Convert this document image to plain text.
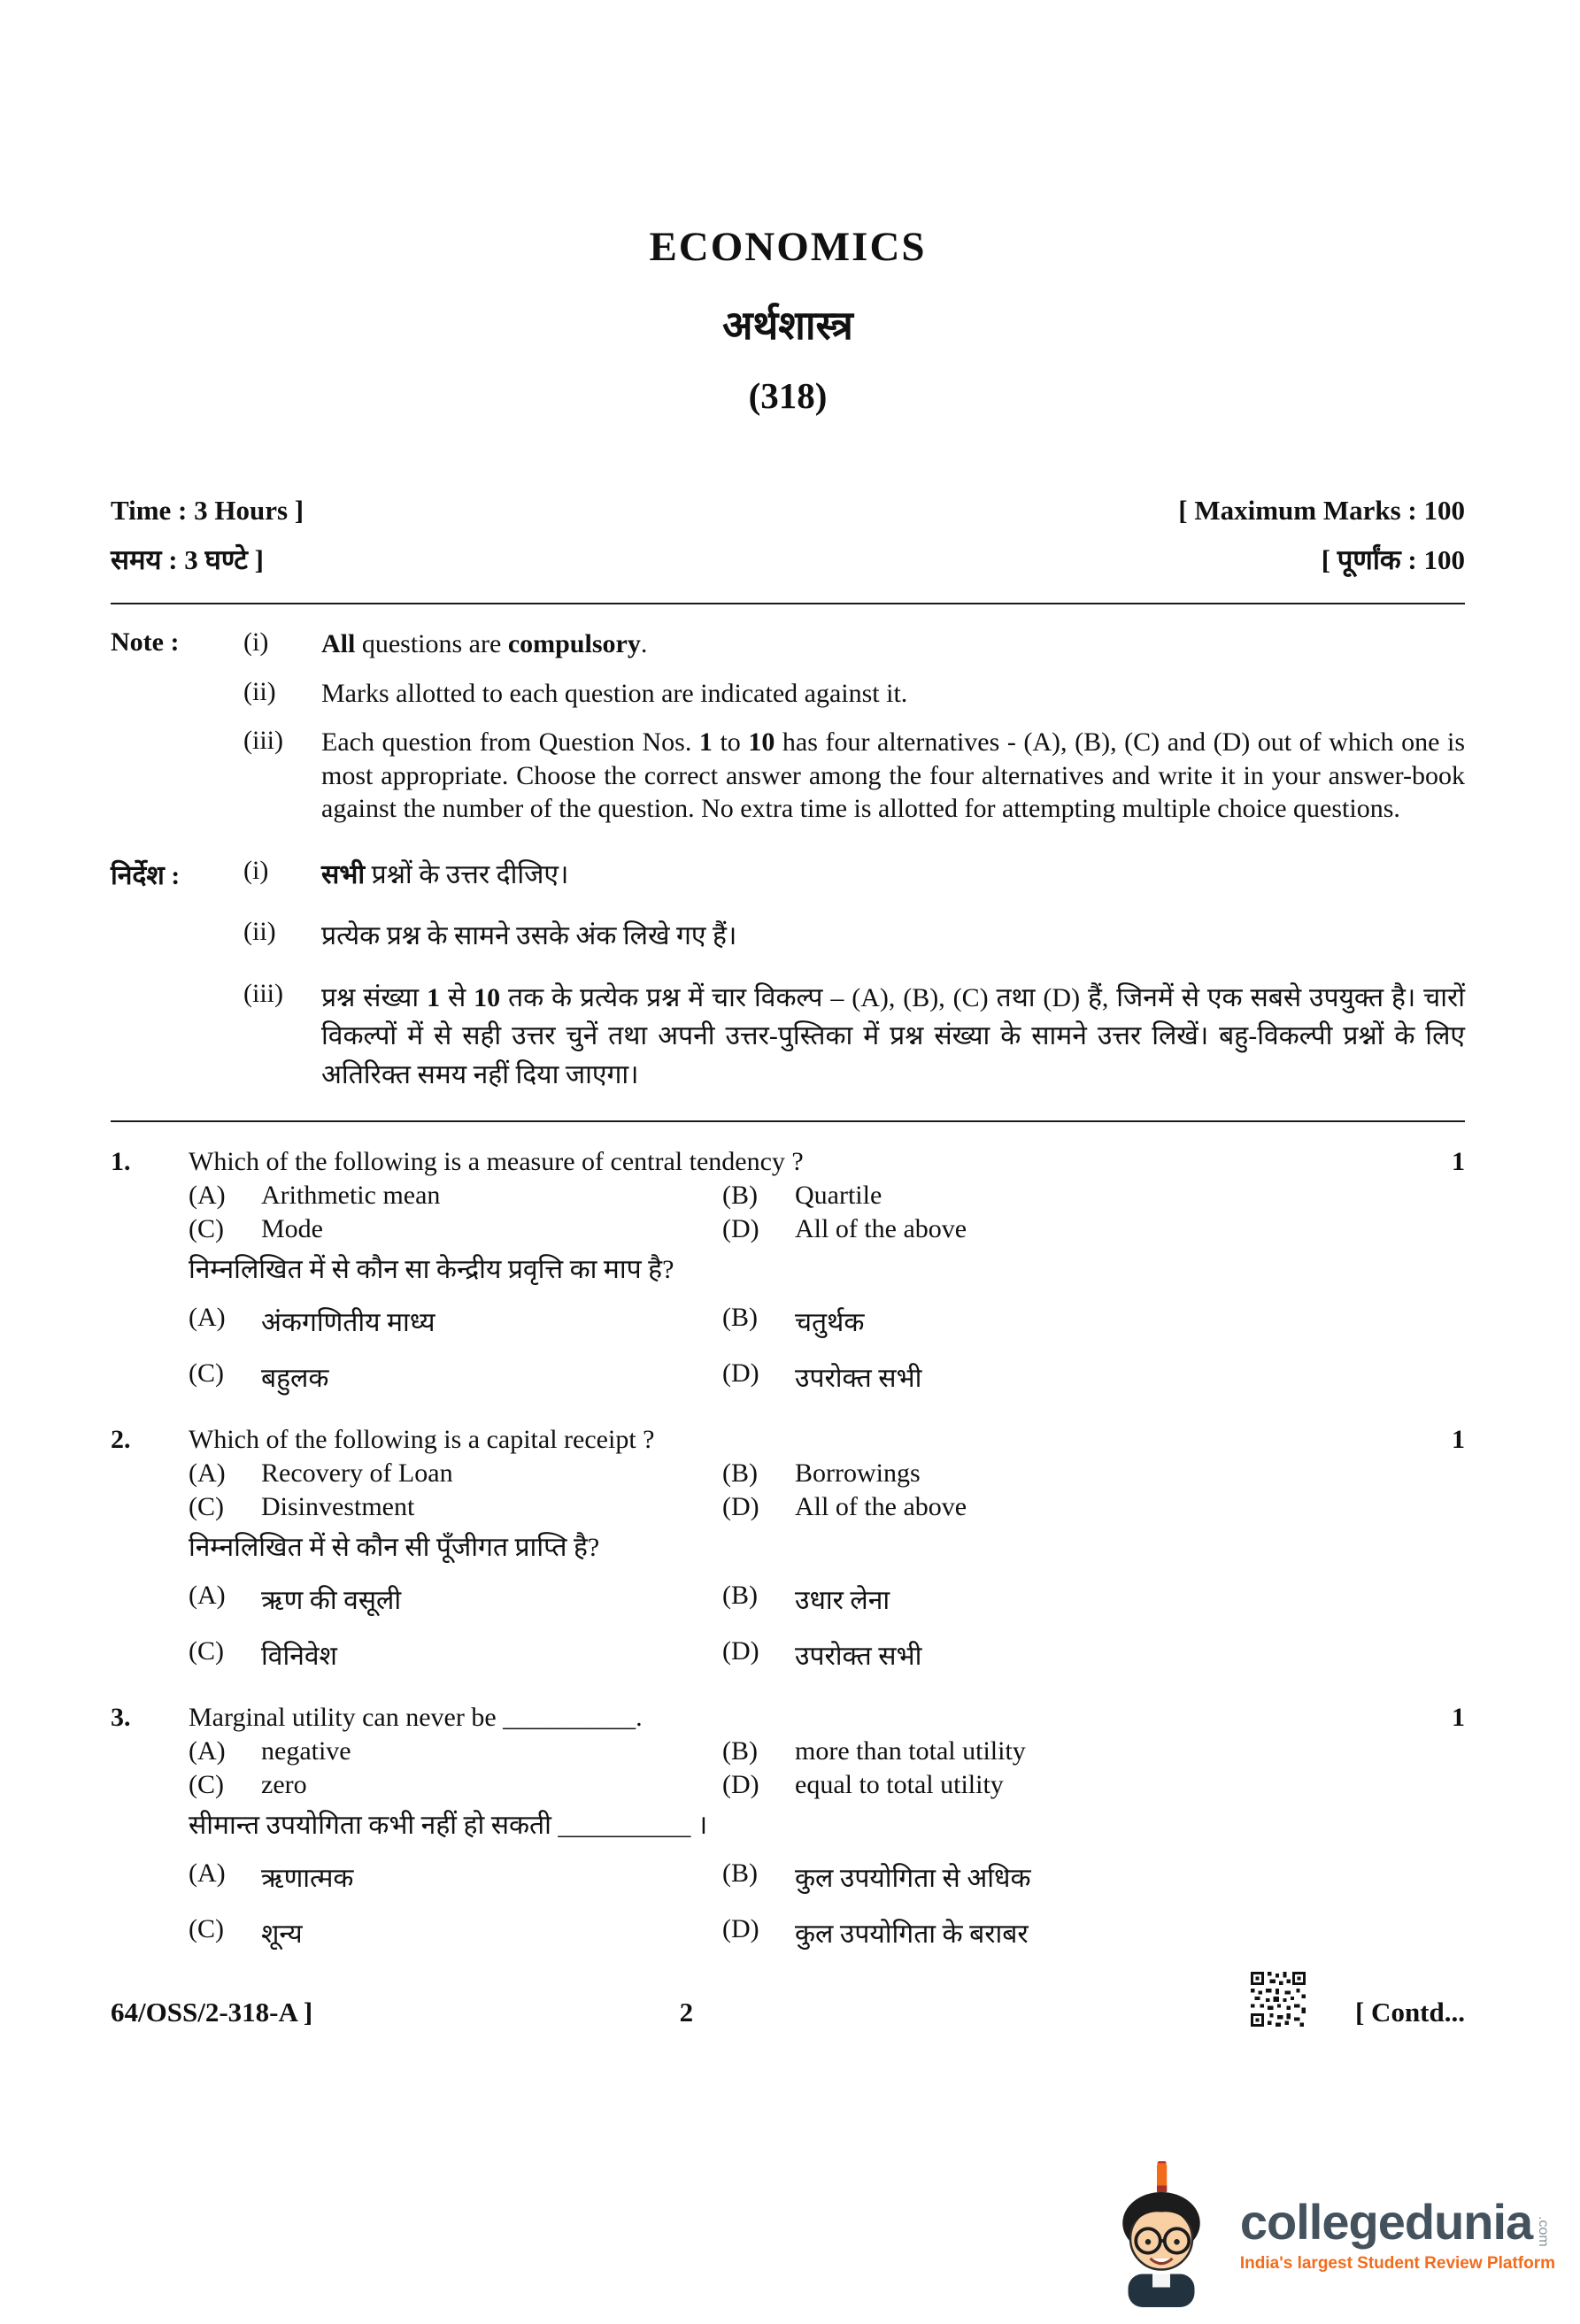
ECONOMICS
अर्थशास्त्र
(318)
Time : 3 Hours ]	[ Maximum Marks : 100
समय : 3 घण्टे ]	[ पूर्णांक : 100
Note :	(i)	All questions are compulsory.

(ii)	Marks allotted to each question are indicated against it.

(iii)	Each question from Question Nos. 1 to 10 has four alternatives - (A), (B), (C) and (D) out of which one is most appropriate. Choose the correct answer among the four alternatives and write it in your answer-book against the number of the question. No extra time is allotted for attempting multiple choice questions.

निर्देश :	(i)	सभी प्रश्नों के उत्तर दीजिए।

(ii)	प्रत्येक प्रश्न के सामने उसके अंक लिखे गए हैं।

(iii)	प्रश्न संख्या 1 से 10 तक के प्रत्येक प्रश्न में चार विकल्प – (A), (B), (C) तथा (D) हैं, जिनमें से एक सबसे उपयुक्त है। चारों विकल्पों में से सही उत्तर चुनें तथा अपनी उत्तर-पुस्तिका में प्रश्न संख्या के सामने उत्तर लिखें। बहु-विकल्पी प्रश्नों के लिए अतिरिक्त समय नहीं दिया जाएगा।

1.	Which of the following is a measure of central tendency ?	1
(A)	Arithmetic mean	(B)	Quartile
(C)	Mode	(D)	All of the above

निम्नलिखित में से कौन सा केन्द्रीय प्रवृत्ति का माप है?

(A)	अंकगणितीय माध्य	(B)	चतुर्थक
(C)	बहुलक	(D)	उपरोक्त सभी
2.	Which of the following is a capital receipt ?	1
(A)	Recovery of Loan	(B)	Borrowings
(C)	Disinvestment	(D)	All of the above

निम्नलिखित में से कौन सी पूँजीगत प्राप्ति है?

(A)	ऋण की वसूली	(B)	उधार लेना
(C)	विनिवेश	(D)	उपरोक्त सभी
3.	Marginal utility can never be __________.	1
(A)	negative	(B)	more than total utility
(C)	zero	(D)	equal to total utility

सीमान्त उपयोगिता कभी नहीं हो सकती __________ ।

(A)	ऋणात्मक	(B)	कुल उपयोगिता से अधिक
(C)	शून्य	(D)	कुल उपयोगिता के बराबर
64/OSS/2-318-A ]	2	[ Contd...
collegedunia .com
India's largest Student Review Platform
